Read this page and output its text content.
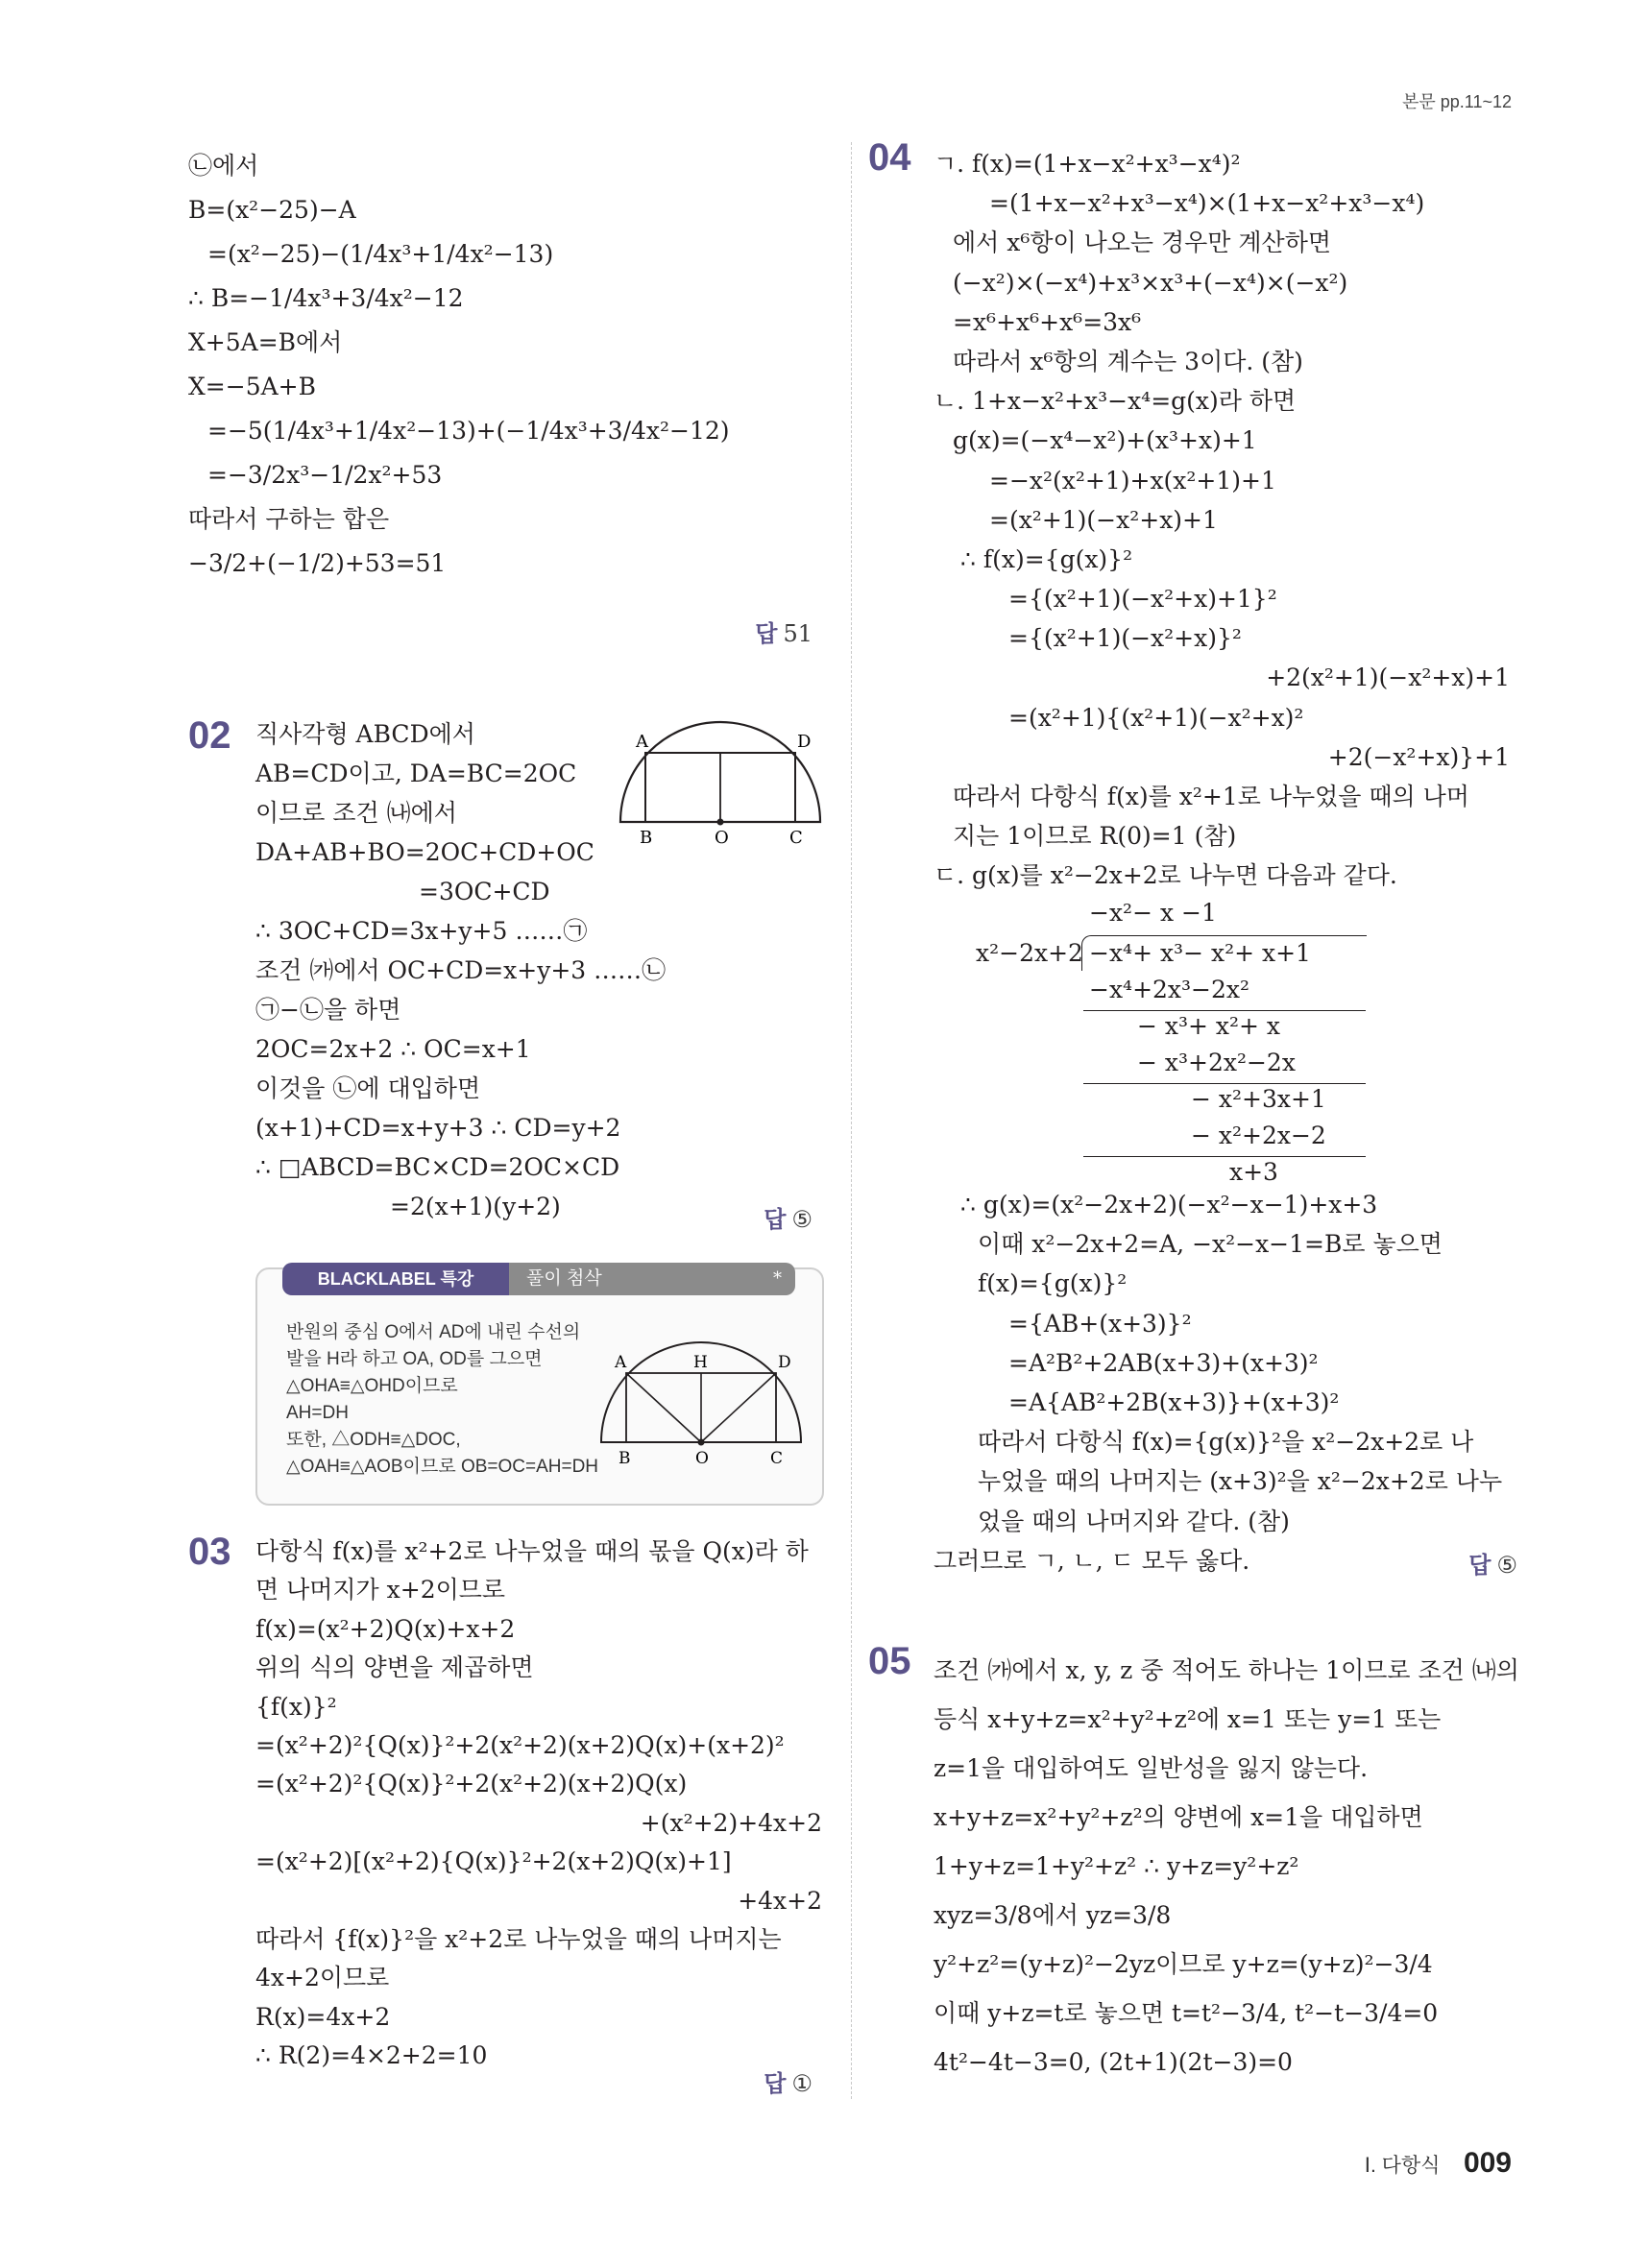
본문 pp.11~12
㉡에서
B=(x²−25)−A
=(x²−25)−(1/4x³+1/4x²−13)
∴ B=−1/4x³+3/4x²−12
X+5A=B에서
X=−5A+B
=−5(1/4x³+1/4x²−13)+(−1/4x³+3/4x²−12)
=−3/2x³−1/2x²+53
따라서 구하는 합은
−3/2+(−1/2)+53=51
답 51
02 직사각형 ABCD에서
AB=CD이고, DA=BC=2OC
이므로 조건 ㈏에서
DA+AB+BO=2OC+CD+OC
=3OC+CD
∴ 3OC+CD=3x+y+5 ……㉠
조건 ㈎에서 OC+CD=x+y+3 ……㉡
㉠−㉡을 하면
2OC=2x+2 ∴ OC=x+1
이것을 ㉡에 대입하면
(x+1)+CD=x+y+3 ∴ CD=y+2
∴ □ABCD=BC×CD=2OC×CD
=2(x+1)(y+2)	답 ⑤
A	D
B	O	C
BLACKLABEL 특강	풀이 첨삭	*
반원의 중심 O에서 AD에 내린 수선의
발을 H라 하고 OA, OD를 그으면
△OHA≡△OHD이므로
AH=DH
또한, △ODH≡△DOC,
△OAH≡△AOB이므로 OB=OC=AH=DH
A	H	D
B	O	C
03 다항식 f(x)를 x²+2로 나누었을 때의 몫을 Q(x)라 하
면 나머지가 x+2이므로
f(x)=(x²+2)Q(x)+x+2
위의 식의 양변을 제곱하면
{f(x)}²
=(x²+2)²{Q(x)}²+2(x²+2)(x+2)Q(x)+(x+2)²
=(x²+2)²{Q(x)}²+2(x²+2)(x+2)Q(x)
+(x²+2)+4x+2
=(x²+2)[(x²+2){Q(x)}²+2(x+2)Q(x)+1]
+4x+2
따라서 {f(x)}²을 x²+2로 나누었을 때의 나머지는
4x+2이므로
R(x)=4x+2
∴ R(2)=4×2+2=10
답 ①
04 ㄱ. f(x)=(1+x−x²+x³−x⁴)²
=(1+x−x²+x³−x⁴)×(1+x−x²+x³−x⁴)
에서 x⁶항이 나오는 경우만 계산하면
(−x²)×(−x⁴)+x³×x³+(−x⁴)×(−x²)
=x⁶+x⁶+x⁶=3x⁶
따라서 x⁶항의 계수는 3이다. (참)
ㄴ. 1+x−x²+x³−x⁴=g(x)라 하면
g(x)=(−x⁴−x²)+(x³+x)+1
=−x²(x²+1)+x(x²+1)+1
=(x²+1)(−x²+x)+1
∴ f(x)={g(x)}²
={(x²+1)(−x²+x)+1}²
={(x²+1)(−x²+x)}²
+2(x²+1)(−x²+x)+1
=(x²+1){(x²+1)(−x²+x)²
+2(−x²+x)}+1
따라서 다항식 f(x)를 x²+1로 나누었을 때의 나머
지는 1이므로 R(0)=1 (참)
ㄷ. g(x)를 x²−2x+2로 나누면 다음과 같다.
−x²− x −1
x²−2x+2 −x⁴+ x³− x²+ x+1
−x⁴+2x³−2x²
− x³+ x²+ x
− x³+2x²−2x
− x²+3x+1
− x²+2x−2
x+3
∴ g(x)=(x²−2x+2)(−x²−x−1)+x+3
이때 x²−2x+2=A, −x²−x−1=B로 놓으면
f(x)={g(x)}²
={AB+(x+3)}²
=A²B²+2AB(x+3)+(x+3)²
=A{AB²+2B(x+3)}+(x+3)²
따라서 다항식 f(x)={g(x)}²을 x²−2x+2로 나
누었을 때의 나머지는 (x+3)²을 x²−2x+2로 나누
었을 때의 나머지와 같다. (참)
그러므로 ㄱ, ㄴ, ㄷ 모두 옳다.	답 ⑤
05 조건 ㈎에서 x, y, z 중 적어도 하나는 1이므로 조건 ㈏의
등식 x+y+z=x²+y²+z²에 x=1 또는 y=1 또는
z=1을 대입하여도 일반성을 잃지 않는다.
x+y+z=x²+y²+z²의 양변에 x=1을 대입하면
1+y+z=1+y²+z² ∴ y+z=y²+z²
xyz=3/8에서 yz=3/8
y²+z²=(y+z)²−2yz이므로 y+z=(y+z)²−3/4
이때 y+z=t로 놓으면 t=t²−3/4, t²−t−3/4=0
4t²−4t−3=0, (2t+1)(2t−3)=0
Ⅰ. 다항식 009
